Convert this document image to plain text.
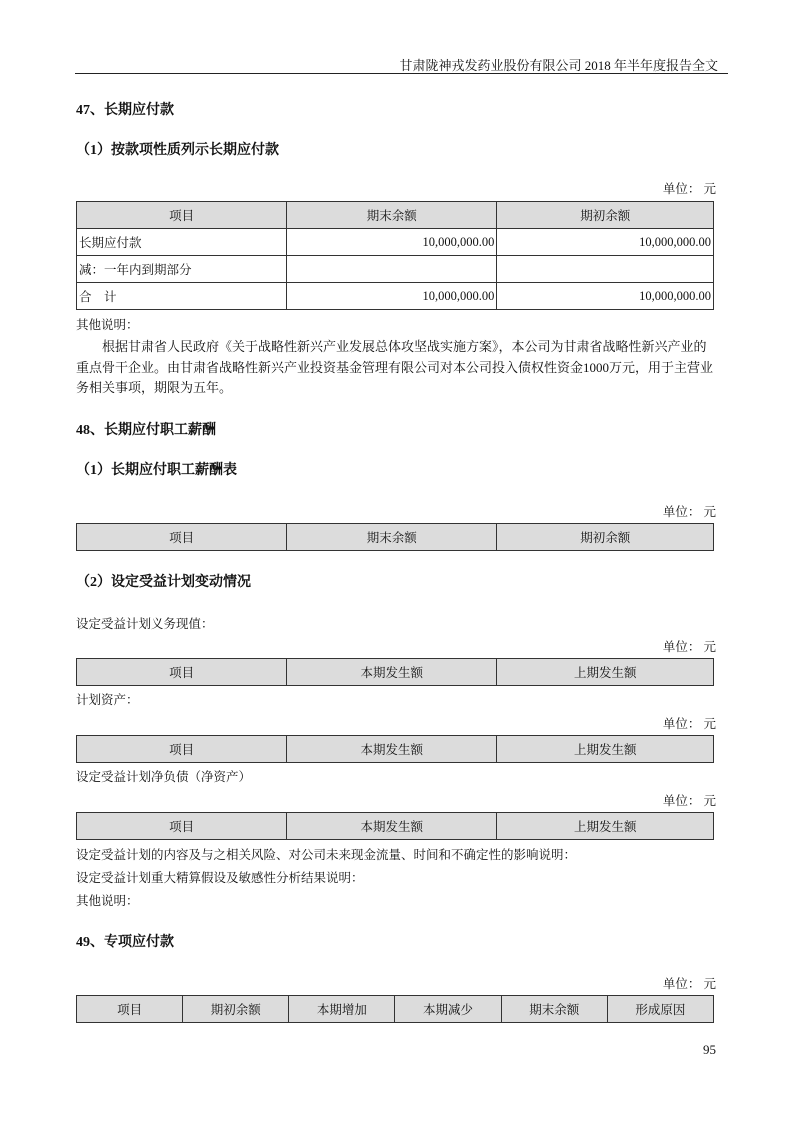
甘肃陇神戎发药业股份有限公司 2018 年半年度报告全文
47、长期应付款
（1）按款项性质列示长期应付款
单位： 元
项目	期末余额	期初余额
长期应付款	10,000,000.00	10,000,000.00
减：一年内到期部分		
合　计	10,000,000.00	10,000,000.00
其他说明：
根据甘肃省人民政府《关于战略性新兴产业发展总体攻坚战实施方案》，本公司为甘肃省战略性新兴产业的重点骨干企业。由甘肃省战略性新兴产业投资基金管理有限公司对本公司投入债权性资金1000万元，用于主营业务相关事项，期限为五年。
48、长期应付职工薪酬
（1）长期应付职工薪酬表
单位： 元
项目	期末余额	期初余额
（2）设定受益计划变动情况
设定受益计划义务现值：
单位： 元
项目	本期发生额	上期发生额
计划资产：
单位： 元
项目	本期发生额	上期发生额
设定受益计划净负债（净资产）
单位： 元
项目	本期发生额	上期发生额
设定受益计划的内容及与之相关风险、对公司未来现金流量、时间和不确定性的影响说明：
设定受益计划重大精算假设及敏感性分析结果说明：
其他说明：
49、专项应付款
单位： 元
项目	期初余额	本期增加	本期减少	期末余额	形成原因
95
